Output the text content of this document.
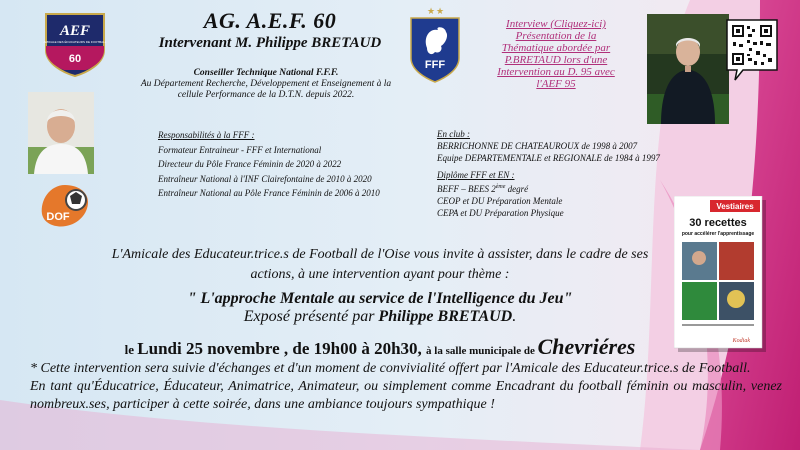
AEF
AMICALE DES ÉDUCATEURS DE FOOTBALL
60
AG. A.E.F. 60
Intervenant M. Philippe BRETAUD
Conseiller Technique National F.F.F.
Au Département Recherche, Développement et Enseignement à la
cellule Performance de la D.T.N. depuis 2022.
★ ★
FFF
Interview (Cliquez-ici)
Présentation de la
Thématique abordée par
P.BRETAUD lors d'une
Intervention au D. 95 avec
l'AEF 95
DOF
Responsabilités à la FFF :
Formateur Entraineur - FFF et International
Directeur du Pôle France Féminin de 2020 à 2022
Entraîneur National à l'INF Clairefontaine de 2010 à 2020
Entraîneur National au Pôle France Féminin de 2006 à 2010
En club :
BERRICHONNE DE CHATEAUROUX de 1998 à 2007
Equipe DEPARTEMENTALE et REGIONALE de 1984 à 1997
Diplôme FFF et EN :
BEFF – BEES 2ème degré
CEOP et DU Préparation Mentale
CEPA et DU Préparation Physique
Vestiaires
30 recettes
pour accélérer l'apprentissage
Kodiak
L'Amicale des Educateur.trice.s de Football de l'Oise vous invite à assister, dans le cadre de ses
actions, à une intervention ayant pour thème :
" L'approche Mentale au service de l'Intelligence du Jeu"
Exposé présenté par Philippe BRETAUD.
le Lundi 25 novembre , de 19h00 à 20h30, à la salle municipale de Chevriéres

* Cette intervention sera suivie d'échanges et d'un moment de convivialité offert par l'Amicale des Educateur.trice.s de Football.

En tant qu'Éducatrice, Éducateur, Animatrice, Animateur, ou simplement comme Encadrant du football féminin ou masculin, venez nombreux.ses, participer à cette soirée, dans une ambiance toujours sympathique !
